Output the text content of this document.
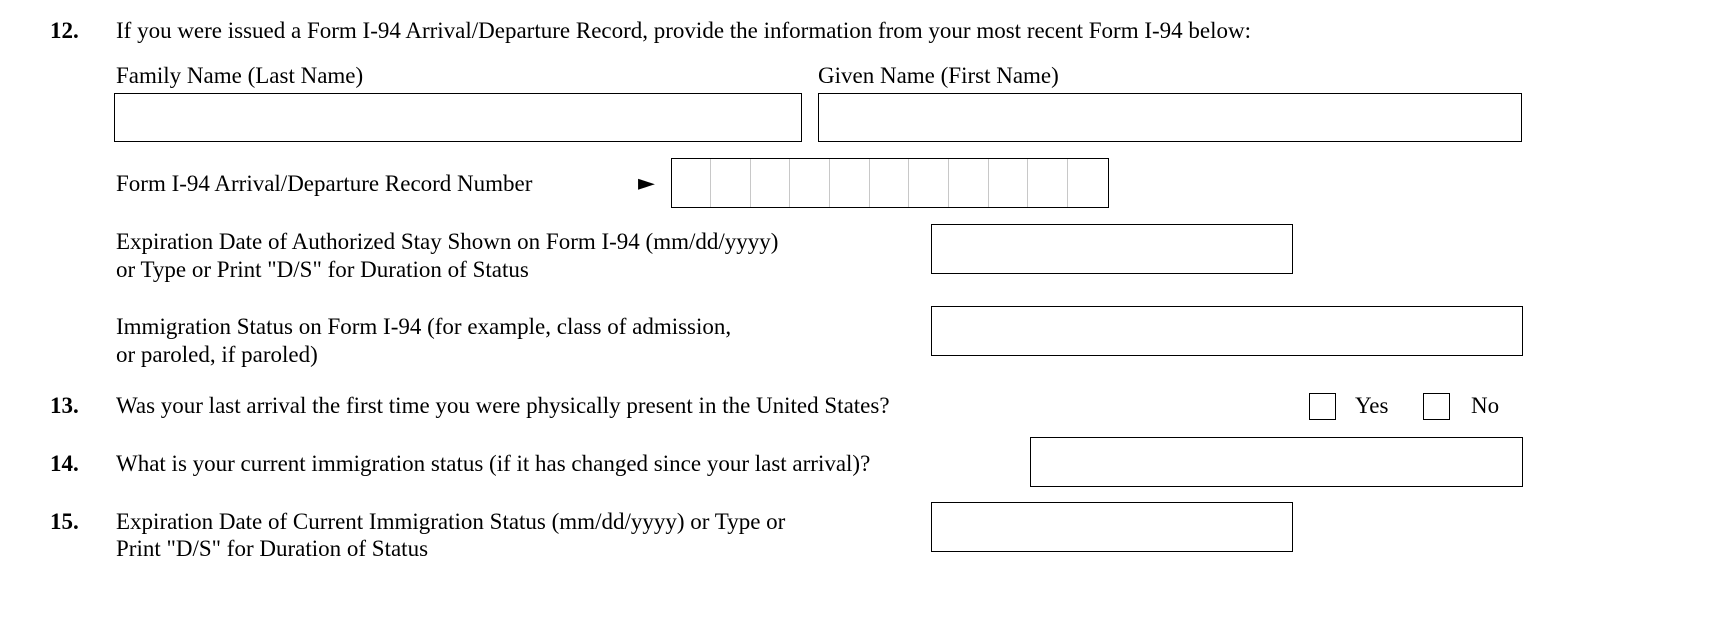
12. If you were issued a Form I-94 Arrival/Departure Record, provide the information from your most recent Form I-94 below:
Family Name (Last Name)	Given Name (First Name)
Form I-94 Arrival/Departure Record Number	►
Expiration Date of Authorized Stay Shown on Form I-94 (mm/dd/yyyy)
or Type or Print "D/S" for Duration of Status
Immigration Status on Form I-94 (for example, class of admission,
or paroled, if paroled)
13. Was your last arrival the first time you were physically present in the United States?	Yes	No
14. What is your current immigration status (if it has changed since your last arrival)?
15. Expiration Date of Current Immigration Status (mm/dd/yyyy) or Type or
Print "D/S" for Duration of Status
